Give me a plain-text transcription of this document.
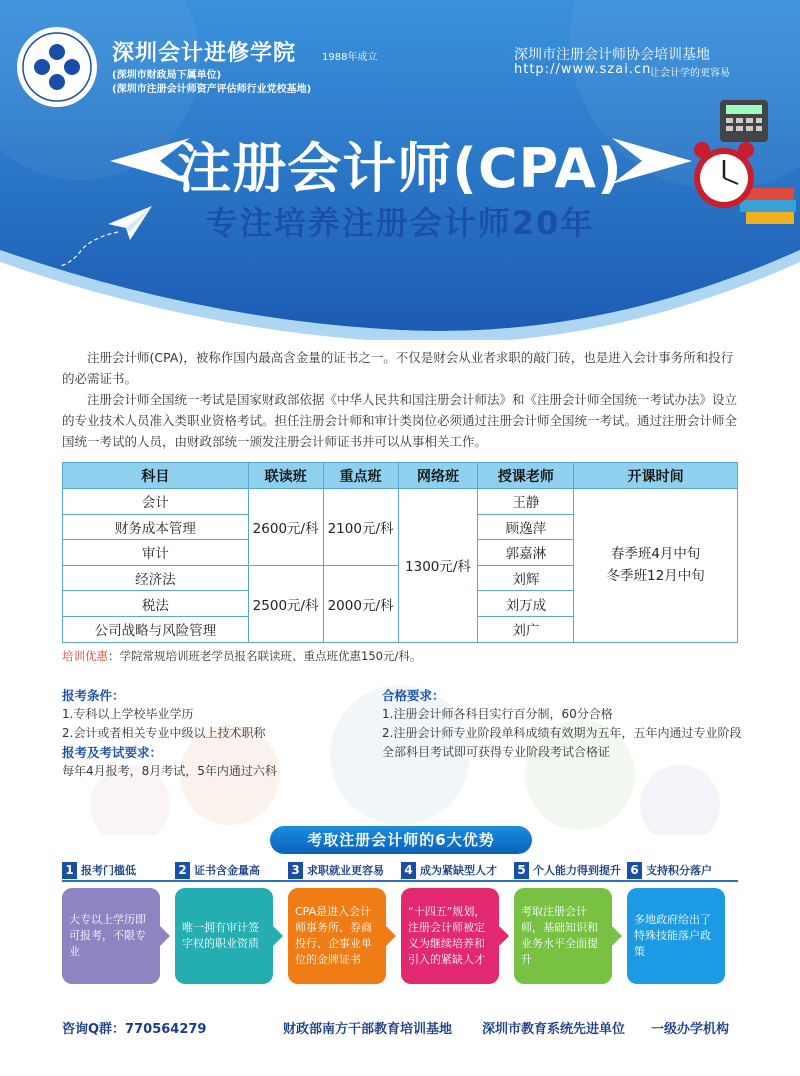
深圳会计进修学院	1988年成立
(深圳市财政局下属单位)
(深圳市注册会计师资产评估师行业党校基地)
深圳市注册会计师协会培训基地
http://www.szai.cn
让会计学的更容易
注册会计师(CPA)
专注培养注册会计师20年

注册会计师(CPA)，被称作国内最高含金量的证书之一。不仅是财会从业者求职的敲门砖，也是进入会计事务所和投行的必需证书。

注册会计师全国统一考试是国家财政部依据《中华人民共和国注册会计师法》和《注册会计师全国统一考试办法》设立的专业技术人员准入类职业资格考试。担任注册会计师和审计类岗位必须通过注册会计师全国统一考试。通过注册会计师全国统一考试的人员，由财政部统一颁发注册会计师证书并可以从事相关工作。

科目	联读班	重点班	网络班	授课老师	开课时间
会计	2600元/科	2100元/科	1300元/科	王静	春季班4月中旬
冬季班12月中旬

财务成本管理				顾逸萍	
审计				郭嘉淋	
经济法	2500元/科	2000元/科		刘辉	
税法				刘万成	
公司战略与风险管理				刘广	
培训优惠：学院常规培训班老学员报名联读班、重点班优惠150元/科。
报考条件：
1.专科以上学校毕业学历
2.会计或者相关专业中级以上技术职称
报考及考试要求：
每年4月报考，8月考试，5年内通过六科
合格要求：
1.注册会计师各科目实行百分制，60分合格
2.注册会计师专业阶段单科成绩有效期为五年，五年内通过专业阶段全部科目考试即可获得专业阶段考试合格证
考取注册会计师的6大优势
1 报考门槛低
大专以上学历即可报考，不限专业
2 证书含金量高
唯一拥有审计签字权的职业资质
3 求职就业更容易
CPA是进入会计师事务所、券商投行、企事业单位的金牌证书
4 成为紧缺型人才
“十四五”规划，注册会计师被定义为继续培养和引入的紧缺人才
5 个人能力得到提升
考取注册会计师，基础知识和业务水平全面提升
6 支持积分落户
多地政府给出了特殊技能落户政策
咨询Q群：770564279	财政部南方干部教育培训基地 深圳市教育系统先进单位 一级办学机构
